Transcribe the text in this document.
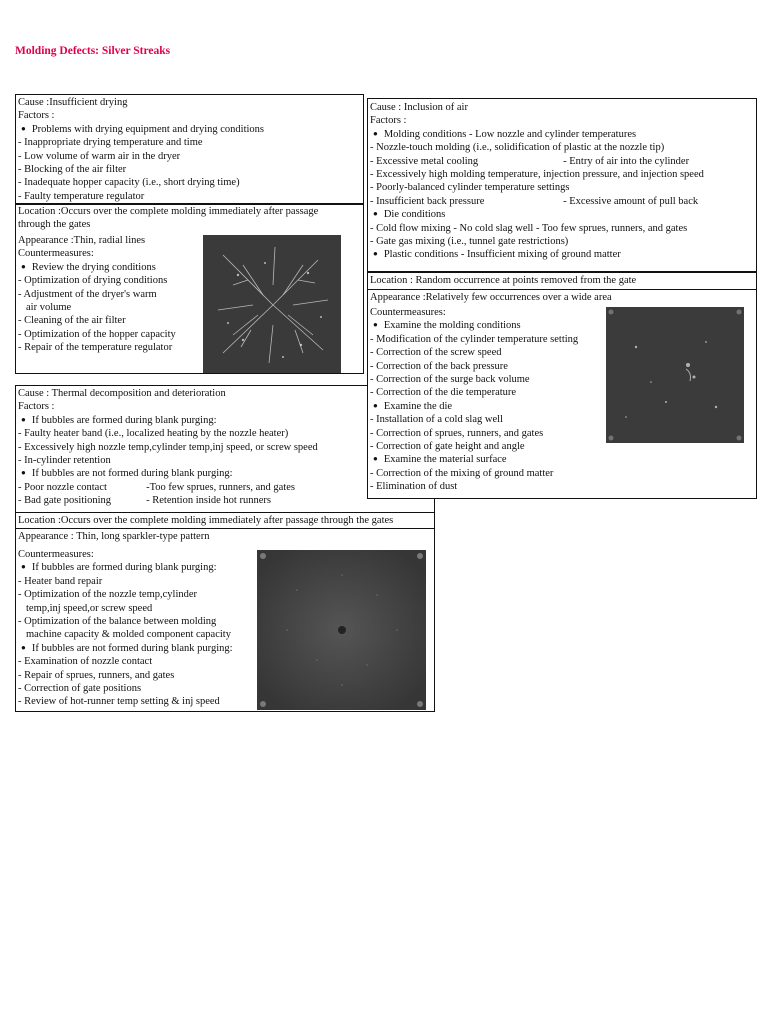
Molding Defects: Silver Streaks
Cause :Insufficient drying
Factors :
● Problems with drying equipment and drying conditions
- Inappropriate drying temperature and time
- Low volume of warm air in the dryer
- Blocking of the air filter
- Inadequate hopper capacity (i.e., short drying time)
- Faulty temperature regulator
Location :Occurs over the complete molding immediately after passage
through the gates
Appearance :Thin, radial lines
Countermeasures:
● Review the drying conditions
- Optimization of drying conditions
- Adjustment of the dryer's warm
air volume
- Cleaning of the air filter
- Optimization of the hopper capacity
- Repair of the temperature regulator
Cause : Thermal decomposition and deterioration
Factors :
● If bubbles are formed during blank purging:
- Faulty heater band (i.e., localized heating by the nozzle heater)
- Excessively high nozzle temp,cylinder temp,inj speed, or screw speed
- In-cylinder retention
● If bubbles are not formed during blank purging:
- Poor nozzle contact	-Too few sprues, runners, and gates
- Bad gate positioning	- Retention inside hot runners
Location :Occurs over the complete molding immediately after passage through the gates
Appearance : Thin, long sparkler-type pattern
Countermeasures:
● If bubbles are formed during blank purging:
- Heater band repair
- Optimization of the nozzle temp,cylinder
temp,inj speed,or screw speed
- Optimization of the balance between molding
machine capacity & molded component capacity
● If bubbles are not formed during blank purging:
- Examination of nozzle contact
- Repair of sprues, runners, and gates
- Correction of gate positions
- Review of hot-runner temp setting & inj speed
Cause : Inclusion of air
Factors :
● Molding conditions - Low nozzle and cylinder temperatures
- Nozzle-touch molding (i.e., solidification of plastic at the nozzle tip)
- Excessive metal cooling	- Entry of air into the cylinder
- Excessively high molding temperature, injection pressure, and injection speed
- Poorly-balanced cylinder temperature settings
- Insufficient back pressure	- Excessive amount of pull back
● Die conditions
- Cold flow mixing - No cold slag well - Too few sprues, runners, and gates
- Gate gas mixing (i.e., tunnel gate restrictions)
● Plastic conditions - Insufficient mixing of ground matter
Location : Random occurrence at points removed from the gate
Appearance :Relatively few occurrences over a wide area
Countermeasures:
● Examine the molding conditions
- Modification of the cylinder temperature setting
- Correction of the screw speed
- Correction of the back pressure
- Correction of the surge back volume
- Correction of the die temperature
● Examine the die
- Installation of a cold slag well
- Correction of sprues, runners, and gates
- Correction of gate height and angle
● Examine the material surface
- Correction of the mixing of ground matter
- Elimination of dust
